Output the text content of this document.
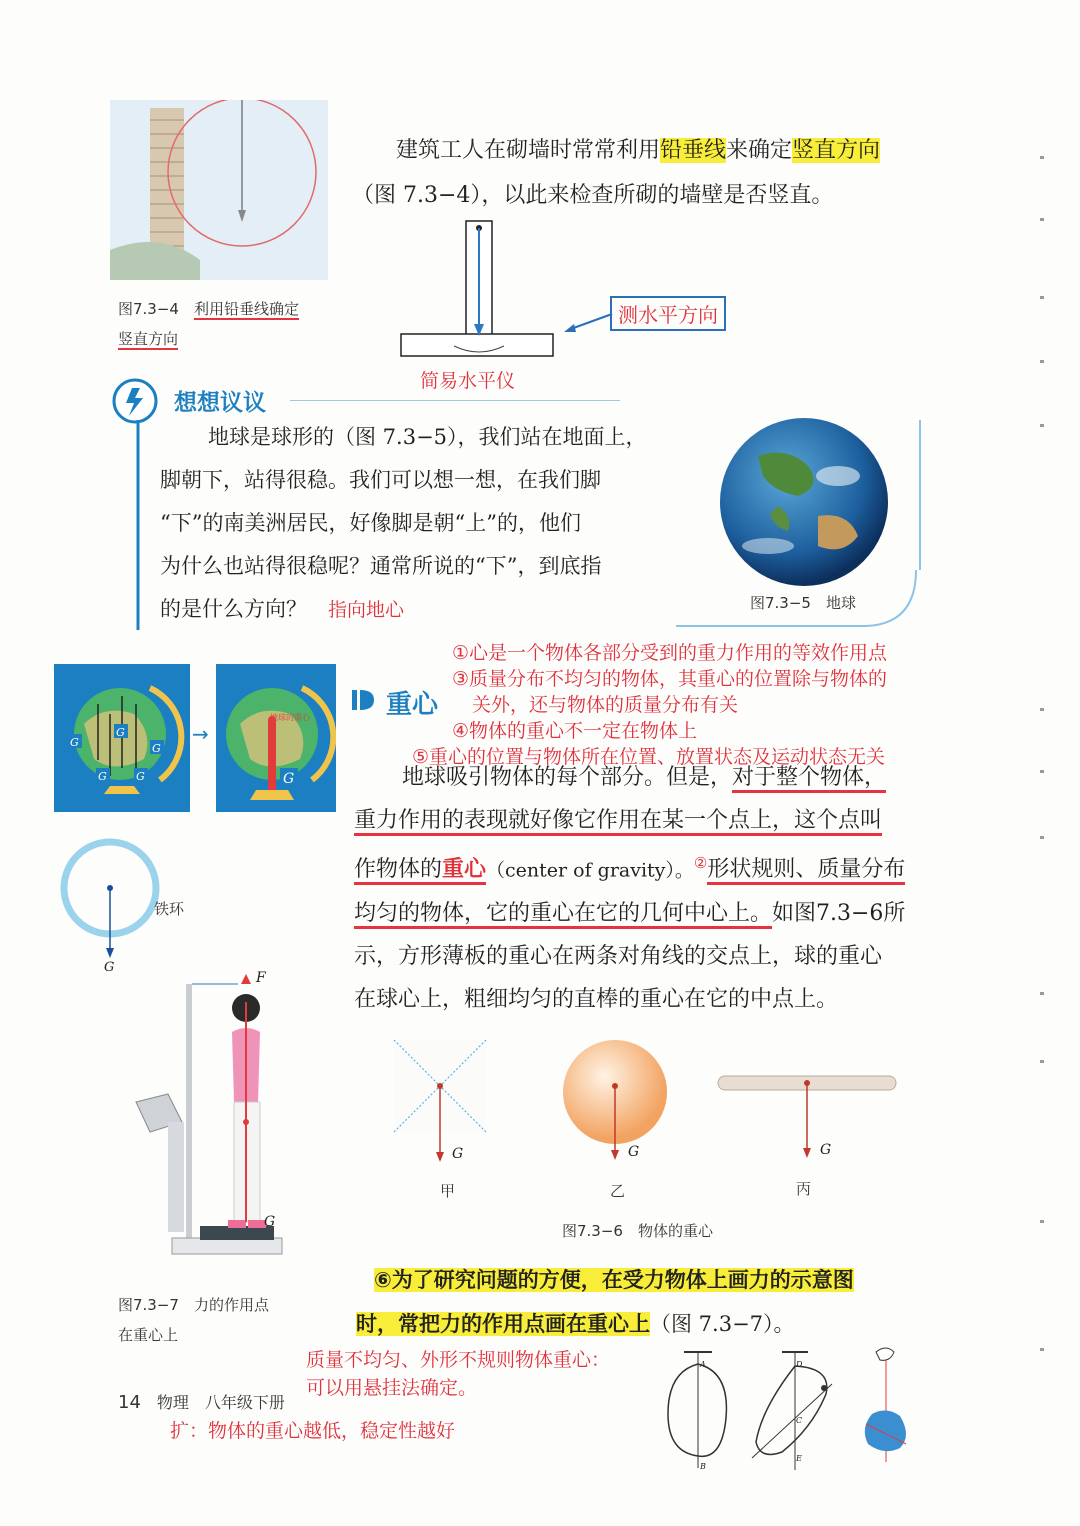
建筑工人在砌墙时常常利用铅垂线来确定竖直方向
（图 7.3−4），以此来检查所砌的墙壁是否竖直。
图7.3−4　 利用铅垂线确定
竖直方向
测水平方向
简易水平仪
想想议议
地球是球形的（图 7.3−5），我们站在地面上，
脚朝下，站得很稳。我们可以想一想，在我们脚
“下”的南美洲居民，好像脚是朝“上”的，他们
为什么也站得很稳呢？通常所说的“下”，到底指
的是什么方向？　 指向地心	图7.3−5　地球
G
G
G
G	G
→
G
地球的重心	重心
①心是一个物体各部分受到的重力作用的等效作用点
③质量分布不均匀的物体，其重心的位置除与物体的
关外，还与物体的质量分布有关
④物体的重心不一定在物体上
⑤重心的位置与物体所在位置、放置状态及运动状态无关
地球吸引物体的每个部分。但是，对于整个物体，
重力作用的表现就好像它作用在某一个点上，这个点叫
作物体的重心（center of gravity）。②形状规则、质量分布
均匀的物体，它的重心在它的几何中心上。如图7.3−6所
示，方形薄板的重心在两条对角线的交点上，球的重心
在球心上，粗细均匀的直棒的重心在它的中点上。
铁环
G
F
G
图7.3−7　力的作用点
在重心上
G	G	G
甲	乙	丙
图7.3−6　物体的重心
⑥为了研究问题的方便，在受力物体上画力的示意图
时，常把力的作用点画在重心上（图 7.3−7）。
质量不均匀、外形不规则物体重心：
可以用悬挂法确定。
A
B
D
C
E
14　 物理　八年级下册
扩：物体的重心越低，稳定性越好
